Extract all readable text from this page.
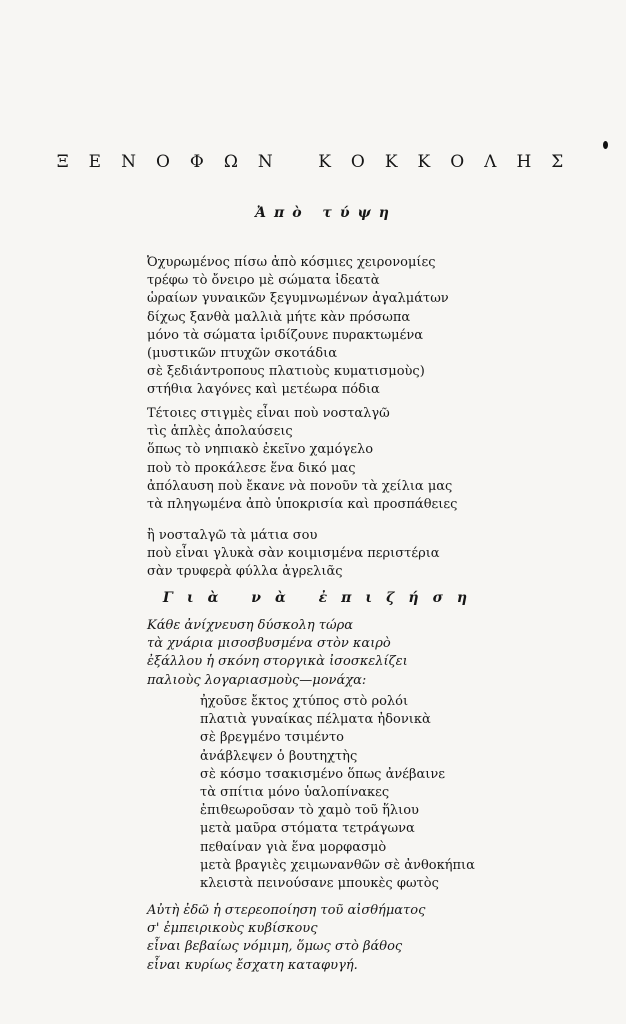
ΞΕΝΟΦΩΝ ΚΟΚΚΟΛΗΣ
Ἀπὸ τύψη
Ὀχυρωμένος πίσω ἀπὸ κόσμιες χειρονομίες
τρέφω τὸ ὄνειρο μὲ σώματα ἰδεατὰ
ὡραίων γυναικῶν ξεγυμνωμένων ἀγαλμάτων
δίχως ξανθὰ μαλλιὰ μήτε κὰν πρόσωπα
μόνο τὰ σώματα ἰριδίζουνε πυρακτωμένα
(μυστικῶν πτυχῶν σκοτάδια
σὲ ξεδιάντροπους πλατιοὺς κυματισμοὺς)
στήθια λαγόνες καὶ μετέωρα πόδια
Τέτοιες στιγμὲς εἶναι ποὺ νοσταλγῶ
τὶς ἁπλὲς ἀπολαύσεις
ὅπως τὸ νηπιακὸ ἐκεῖνο χαμόγελο
ποὺ τὸ προκάλεσε ἕνα δικό μας
ἀπόλαυση ποὺ ἔκανε νὰ πονοῦν τὰ χείλια μας
τὰ πληγωμένα ἀπὸ ὑποκρισία καὶ προσπάθειες
ἢ νοσταλγῶ τὰ μάτια σου
ποὺ εἶναι γλυκὰ σὰν κοιμισμένα περιστέρια
σὰν τρυφερὰ φύλλα ἀγρελιᾶς
Γιὰ νὰ ἐπιζήση
Κάθε ἀνίχνευση δύσκολη τώρα
τὰ χνάρια μισοσβυσμένα στὸν καιρὸ
ἐξάλλου ἡ σκόνη στοργικὰ ἰσοσκελίζει
παλιοὺς λογαριασμοὺς—μονάχα:
ἠχοῦσε ἔκτος χτύπος στὸ ρολόι
πλατιὰ γυναίκας πέλματα ἠδονικὰ
σὲ βρεγμένο τσιμέντο
ἀνάβλεψεν ὁ βουτηχτὴς
σὲ κόσμο τσακισμένο ὅπως ἀνέβαινε
τὰ σπίτια μόνο ὑαλοπίνακες
ἐπιθεωροῦσαν τὸ χαμὸ τοῦ ἥλιου
μετὰ μαῦρα στόματα τετράγωνα
πεθαίναν γιὰ ἕνα μορφασμὸ
μετὰ βραγιὲς χειμωνανθῶν σὲ ἀνθοκήπια
κλειστὰ πεινούσανε μπουκὲς φωτὸς
Αὐτὴ ἐδῶ ἡ στερεοποίηση τοῦ αἰσθήματος
σ' ἐμπειρικοὺς κυβίσκους
εἶναι βεβαίως νόμιμη, ὅμως στὸ βάθος
εἶναι κυρίως ἔσχατη καταφυγή.
